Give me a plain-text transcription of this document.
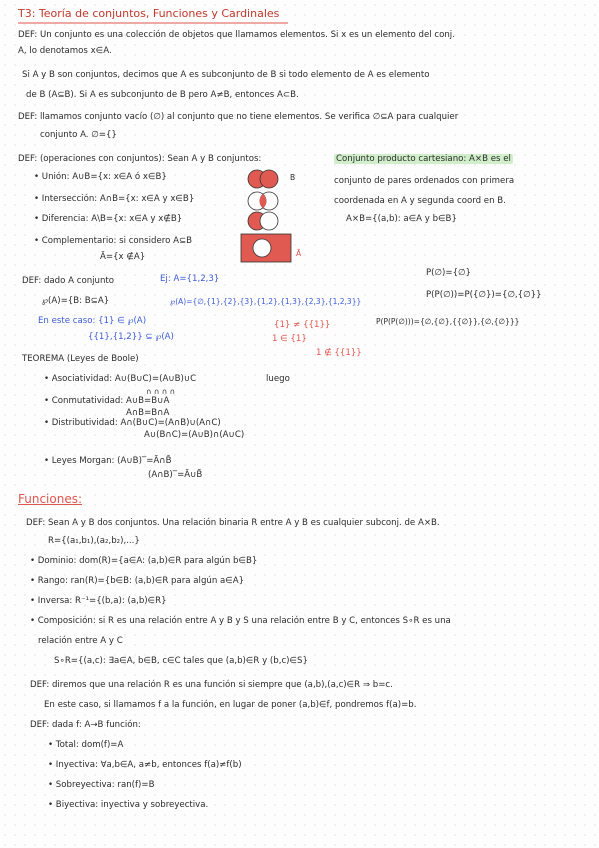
T3: Teoría de conjuntos, Funciones y Cardinales
DEF: Un conjunto es una colección de objetos que llamamos elementos. Si x es un elemento del conj.
A, lo denotamos x∈A.
Si A y B son conjuntos, decimos que A es subconjunto de B si todo elemento de A es elemento
de B (A⊆B). Si A es subconjunto de B pero A≠B, entonces A⊂B.
DEF: llamamos conjunto vacío (∅) al conjunto que no tiene elementos. Se verifica ∅⊆A para cualquier
conjunto A. ∅={}
DEF: (operaciones con conjuntos): Sean A y B conjuntos:
• Unión: A∪B={x: x∈A ó x∈B}
• Intersección: A∩B={x: x∈A y x∈B}
• Diferencia: A\B={x: x∈A y x∉B}
• Complementario: si considero A⊆B
Ā={x ∉A}
B
Ā
Conjunto producto cartesiano: A×B es el
conjunto de pares ordenados con primera
coordenada en A y segunda coord en B.
A×B={(a,b): a∈A y b∈B}
DEF: dado A conjunto	Ej: A={1,2,3}
℘(A)={B: B⊆A}	℘(A)={∅,{1},{2},{3},{1,2},{1,3},{2,3},{1,2,3}}
En este caso: {1} ∈ ℘(A)
{{1},{1,2}} ⊆ ℘(A)
{1} ≠ {{1}}
1 ∈ {1}
1 ∉ {{1}}
P(∅)={∅}
P(P(∅))=P({∅})={∅,{∅}}
P(P(P(∅)))={∅,{∅},{{∅}},{∅,{∅}}}
TEOREMA (Leyes de Boole)
• Asociatividad: A∪(B∪C)=(A∪B)∪C
∩ ∩ ∩ ∩
luego
• Conmutatividad: A∪B=B∪A
A∩B=B∩A
• Distributividad: A∩(B∪C)=(A∩B)∪(A∩C)
A∪(B∩C)=(A∪B)∩(A∪C)
• Leyes Morgan: (A∪B)‾=Ā∩B̄
(A∩B)‾=Ā∪B̄
Funciones:
DEF: Sean A y B dos conjuntos. Una relación binaria R entre A y B es cualquier subconj. de A×B.
R={(a₁,b₁),(a₂,b₂),...}
• Dominio: dom(R)={a∈A: (a,b)∈R para algún b∈B}
• Rango: ran(R)={b∈B: (a,b)∈R para algún a∈A}
• Inversa: R⁻¹={(b,a): (a,b)∈R}
• Composición: si R es una relación entre A y B y S una relación entre B y C, entonces S∘R es una
relación entre A y C
S∘R={(a,c): ∃a∈A, b∈B, c∈C tales que (a,b)∈R y (b,c)∈S}
DEF: diremos que una relación R es una función si siempre que (a,b),(a,c)∈R ⇒ b=c.
En este caso, si llamamos f a la función, en lugar de poner (a,b)∈f, pondremos f(a)=b.
DEF: dada f: A→B función:
• Total: dom(f)=A
• Inyectiva: ∀a,b∈A, a≠b, entonces f(a)≠f(b)
• Sobreyectiva: ran(f)=B
• Biyectiva: inyectiva y sobreyectiva.
